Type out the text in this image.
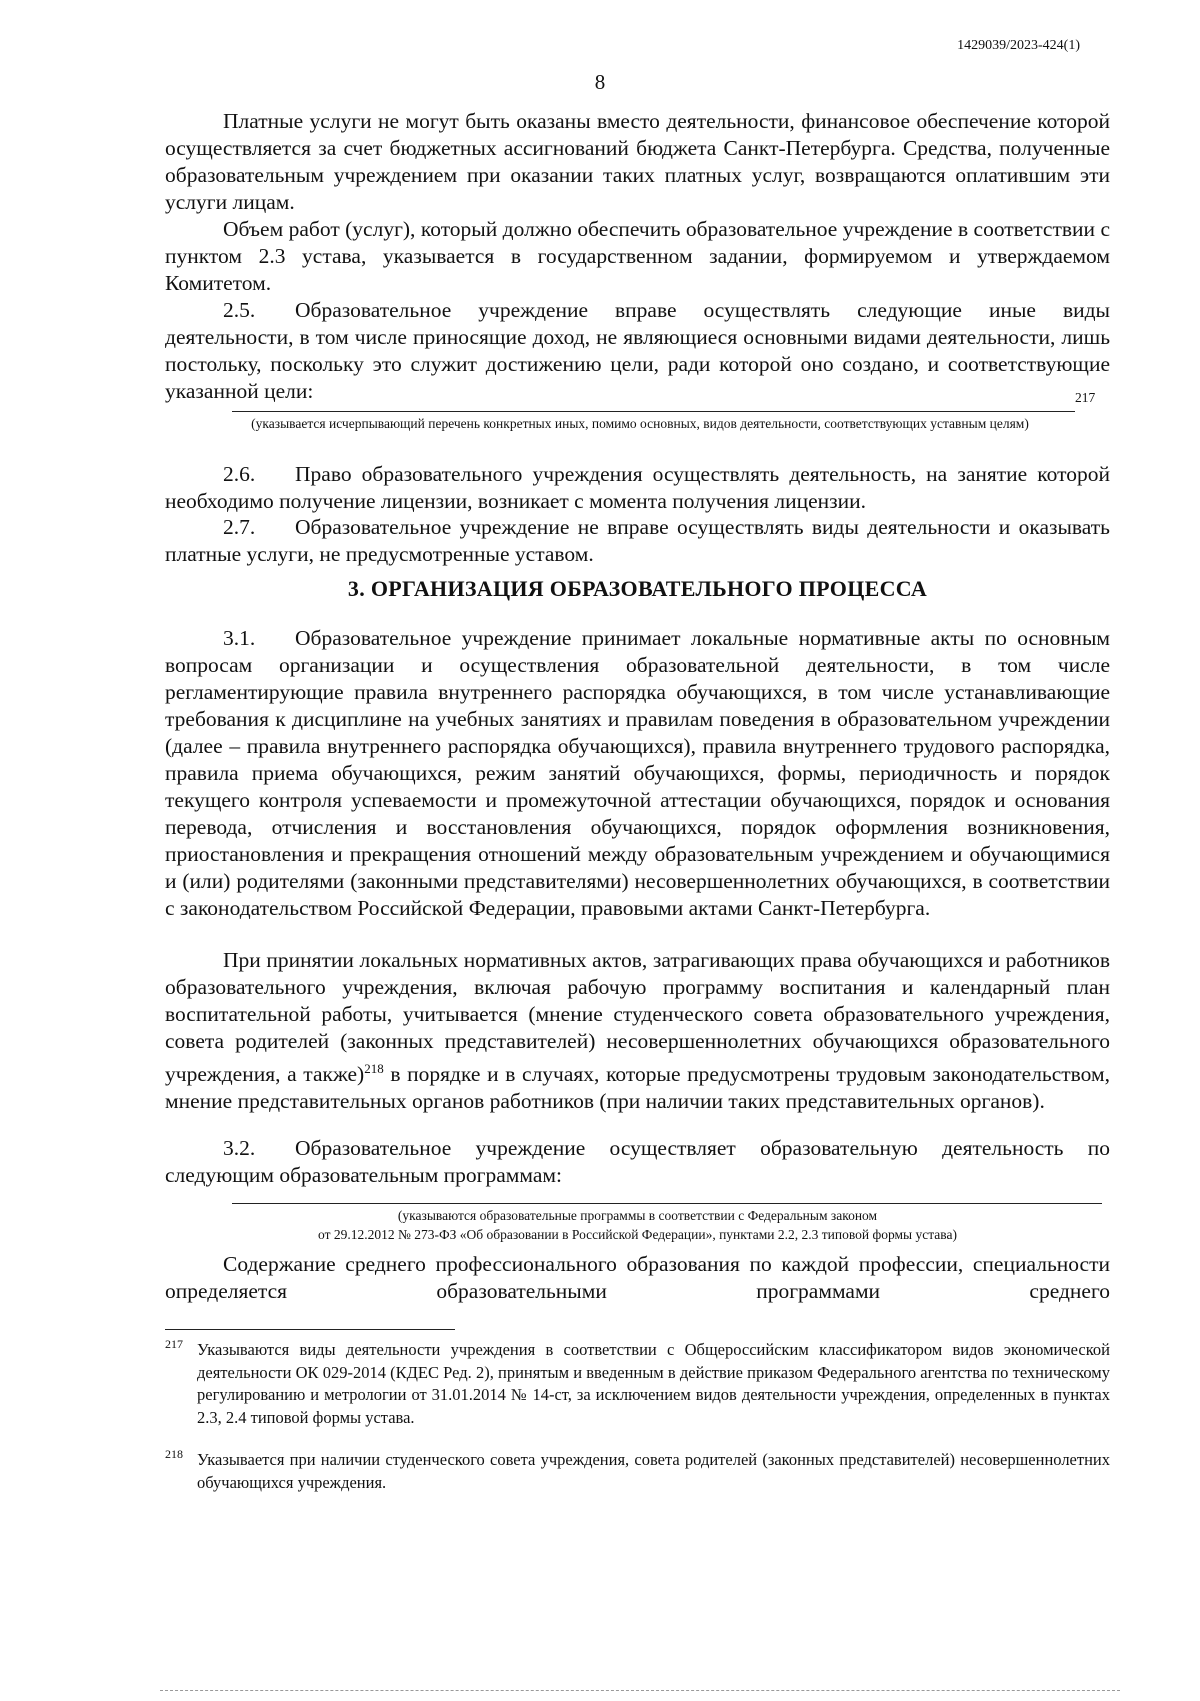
1429039/2023-424(1)
8

Платные услуги не могут быть оказаны вместо деятельности, финансовое обеспечение которой осуществляется за счет бюджетных ассигнований бюджета Санкт-Петербурга. Средства, полученные образовательным учреждением при оказании таких платных услуг, возвращаются оплатившим эти услуги лицам.

Объем работ (услуг), который должно обеспечить образовательное учреждение в соответствии с пунктом 2.3 устава, указывается в государственном задании, формируемом и утверждаемом Комитетом.

2.5. Образовательное учреждение вправе осуществлять следующие иные виды деятельности, в том числе приносящие доход, не являющиеся основными видами деятельности, лишь постольку, поскольку это служит достижению цели, ради которой оно создано, и соответствующие указанной цели:	217
(указывается исчерпывающий перечень конкретных иных, помимо основных, видов деятельности, соответствующих уставным целям)

2.6. Право образовательного учреждения осуществлять деятельность, на занятие которой необходимо получение лицензии, возникает с момента получения лицензии.

2.7. Образовательное учреждение не вправе осуществлять виды деятельности и оказывать платные услуги, не предусмотренные уставом.

3. ОРГАНИЗАЦИЯ ОБРАЗОВАТЕЛЬНОГО ПРОЦЕССА

3.1. Образовательное учреждение принимает локальные нормативные акты по основным вопросам организации и осуществления образовательной деятельности, в том числе регламентирующие правила внутреннего распорядка обучающихся, в том числе устанавливающие требования к дисциплине на учебных занятиях и правилам поведения в образовательном учреждении (далее – правила внутреннего распорядка обучающихся), правила внутреннего трудового распорядка, правила приема обучающихся, режим занятий обучающихся, формы, периодичность и порядок текущего контроля успеваемости и промежуточной аттестации обучающихся, порядок и основания перевода, отчисления и восстановления обучающихся, порядок оформления возникновения, приостановления и прекращения отношений между образовательным учреждением и обучающимися и (или) родителями (законными представителями) несовершеннолетних обучающихся, в соответствии с законодательством Российской Федерации, правовыми актами Санкт-Петербурга.

При принятии локальных нормативных актов, затрагивающих права обучающихся и работников образовательного учреждения, включая рабочую программу воспитания и календарный план воспитательной работы, учитывается (мнение студенческого совета образовательного учреждения, совета родителей (законных представителей) несовершеннолетних обучающихся образовательного учреждения, а также)$^{218}$ в порядке и в случаях, которые предусмотрены трудовым законодательством, мнение представительных органов работников (при наличии таких представительных органов).

3.2. Образовательное учреждение осуществляет образовательную деятельность по следующим образовательным программам:

(указываются образовательные программы в соответствии с Федеральным законом
от 29.12.2012 № 273-ФЗ «Об образовании в Российской Федерации», пунктами 2.2, 2.3 типовой формы устава)

Содержание среднего профессионального образования по каждой профессии, специальности определяется образовательными программами среднего

217 Указываются виды деятельности учреждения в соответствии с Общероссийским классификатором видов экономической деятельности ОК 029-2014 (КДЕС Ред. 2), принятым и введенным в действие приказом Федерального агентства по техническому регулированию и метрологии от 31.01.2014 № 14-ст, за исключением видов деятельности учреждения, определенных в пунктах 2.3, 2.4 типовой формы устава.
218 Указывается при наличии студенческого совета учреждения, совета родителей (законных представителей) несовершеннолетних обучающихся учреждения.
